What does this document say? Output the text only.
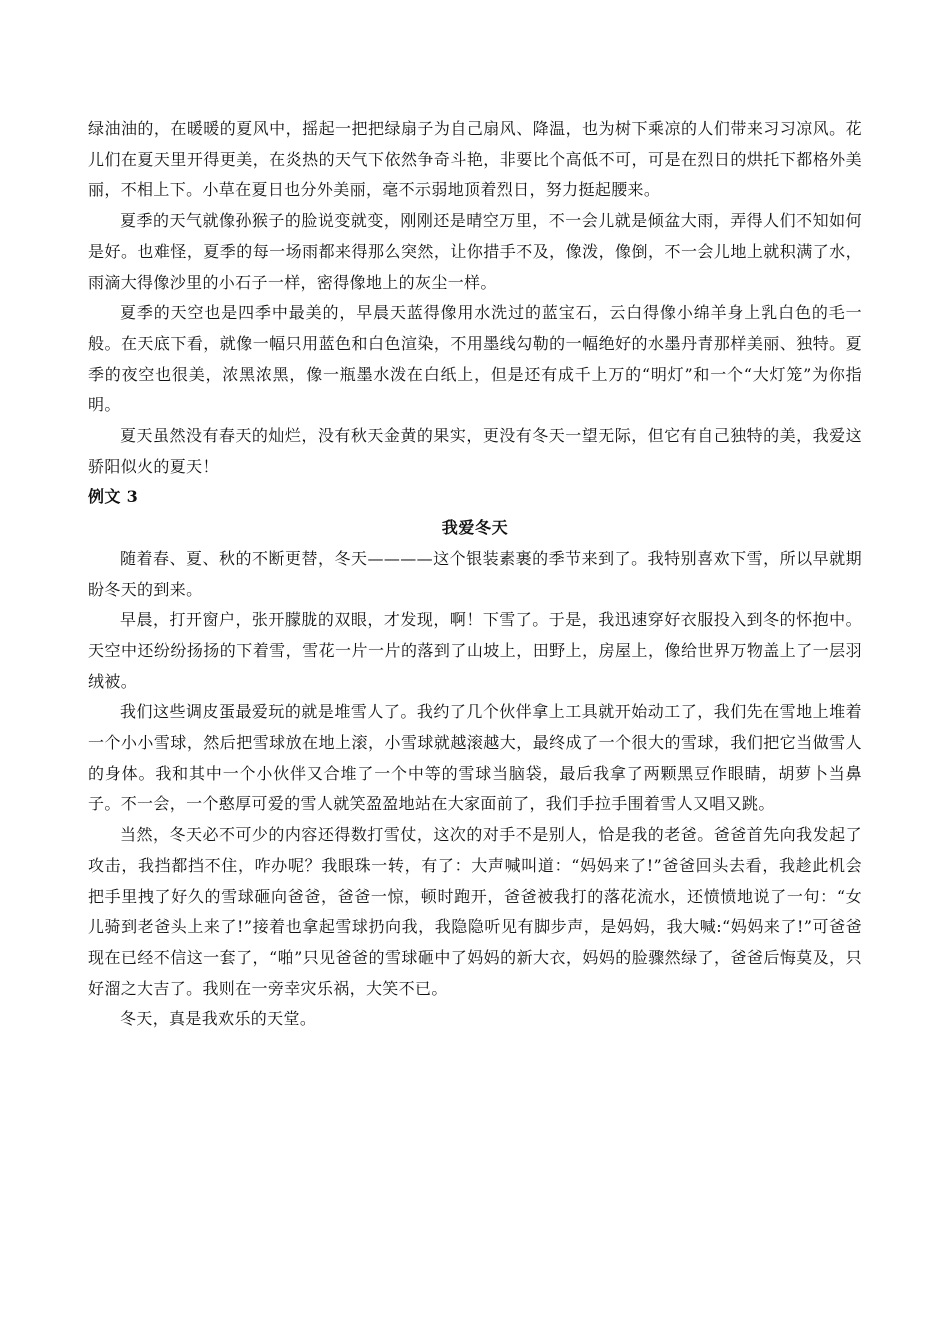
绿油油的，在暖暖的夏风中，摇起一把把绿扇子为自己扇风、降温，也为树下乘凉的人们带来习习凉风。花儿们在夏天里开得更美，在炎热的天气下依然争奇斗艳，非要比个高低不可，可是在烈日的烘托下都格外美丽，不相上下。小草在夏日也分外美丽，毫不示弱地顶着烈日，努力挺起腰来。

夏季的天气就像孙猴子的脸说变就变，刚刚还是晴空万里，不一会儿就是倾盆大雨，弄得人们不知如何是好。也难怪，夏季的每一场雨都来得那么突然，让你措手不及，像泼，像倒，不一会儿地上就积满了水，雨滴大得像沙里的小石子一样，密得像地上的灰尘一样。

夏季的天空也是四季中最美的，早晨天蓝得像用水洗过的蓝宝石，云白得像小绵羊身上乳白色的毛一般。在天底下看，就像一幅只用蓝色和白色渲染，不用墨线勾勒的一幅绝好的水墨丹青那样美丽、独特。夏季的夜空也很美，浓黑浓黑，像一瓶墨水泼在白纸上，但是还有成千上万的“明灯”和一个“大灯笼”为你指明。

夏天虽然没有春天的灿烂，没有秋天金黄的果实，更没有冬天一望无际，但它有自己独特的美，我爱这骄阳似火的夏天！

例文 3

我爱冬天

随着春、夏、秋的不断更替，冬天————这个银装素裹的季节来到了。我特别喜欢下雪，所以早就期盼冬天的到来。

早晨，打开窗户，张开朦胧的双眼，才发现，啊！下雪了。于是，我迅速穿好衣服投入到冬的怀抱中。天空中还纷纷扬扬的下着雪，雪花一片一片的落到了山坡上，田野上，房屋上，像给世界万物盖上了一层羽绒被。

我们这些调皮蛋最爱玩的就是堆雪人了。我约了几个伙伴拿上工具就开始动工了，我们先在雪地上堆着一个小小雪球，然后把雪球放在地上滚，小雪球就越滚越大，最终成了一个很大的雪球，我们把它当做雪人的身体。我和其中一个小伙伴又合堆了一个中等的雪球当脑袋，最后我拿了两颗黑豆作眼睛，胡萝卜当鼻子。不一会，一个憨厚可爱的雪人就笑盈盈地站在大家面前了，我们手拉手围着雪人又唱又跳。

当然，冬天必不可少的内容还得数打雪仗，这次的对手不是别人，恰是我的老爸。爸爸首先向我发起了攻击，我挡都挡不住，咋办呢？我眼珠一转，有了：大声喊叫道：“妈妈来了!”爸爸回头去看，我趁此机会把手里拽了好久的雪球砸向爸爸，爸爸一惊，顿时跑开，爸爸被我打的落花流水，还愤愤地说了一句：“女儿骑到老爸头上来了!”接着也拿起雪球扔向我，我隐隐听见有脚步声，是妈妈，我大喊:“妈妈来了!”可爸爸现在已经不信这一套了，“啪”只见爸爸的雪球砸中了妈妈的新大衣，妈妈的脸骤然绿了，爸爸后悔莫及，只好溜之大吉了。我则在一旁幸灾乐祸，大笑不已。

冬天，真是我欢乐的天堂。
